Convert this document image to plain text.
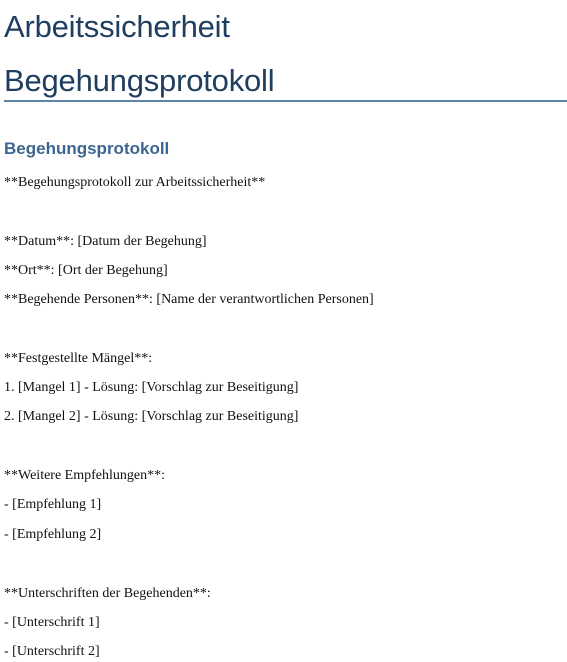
Arbeitssicherheit
Begehungsprotokoll
Begehungsprotokoll

**Begehungsprotokoll zur Arbeitssicherheit**

**Datum**: [Datum der Begehung]

**Ort**: [Ort der Begehung]

**Begehende Personen**: [Name der verantwortlichen Personen]

**Festgestellte Mängel**:

1. [Mangel 1] - Lösung: [Vorschlag zur Beseitigung]

2. [Mangel 2] - Lösung: [Vorschlag zur Beseitigung]

**Weitere Empfehlungen**:

- [Empfehlung 1]

- [Empfehlung 2]

**Unterschriften der Begehenden**:

- [Unterschrift 1]

- [Unterschrift 2]
